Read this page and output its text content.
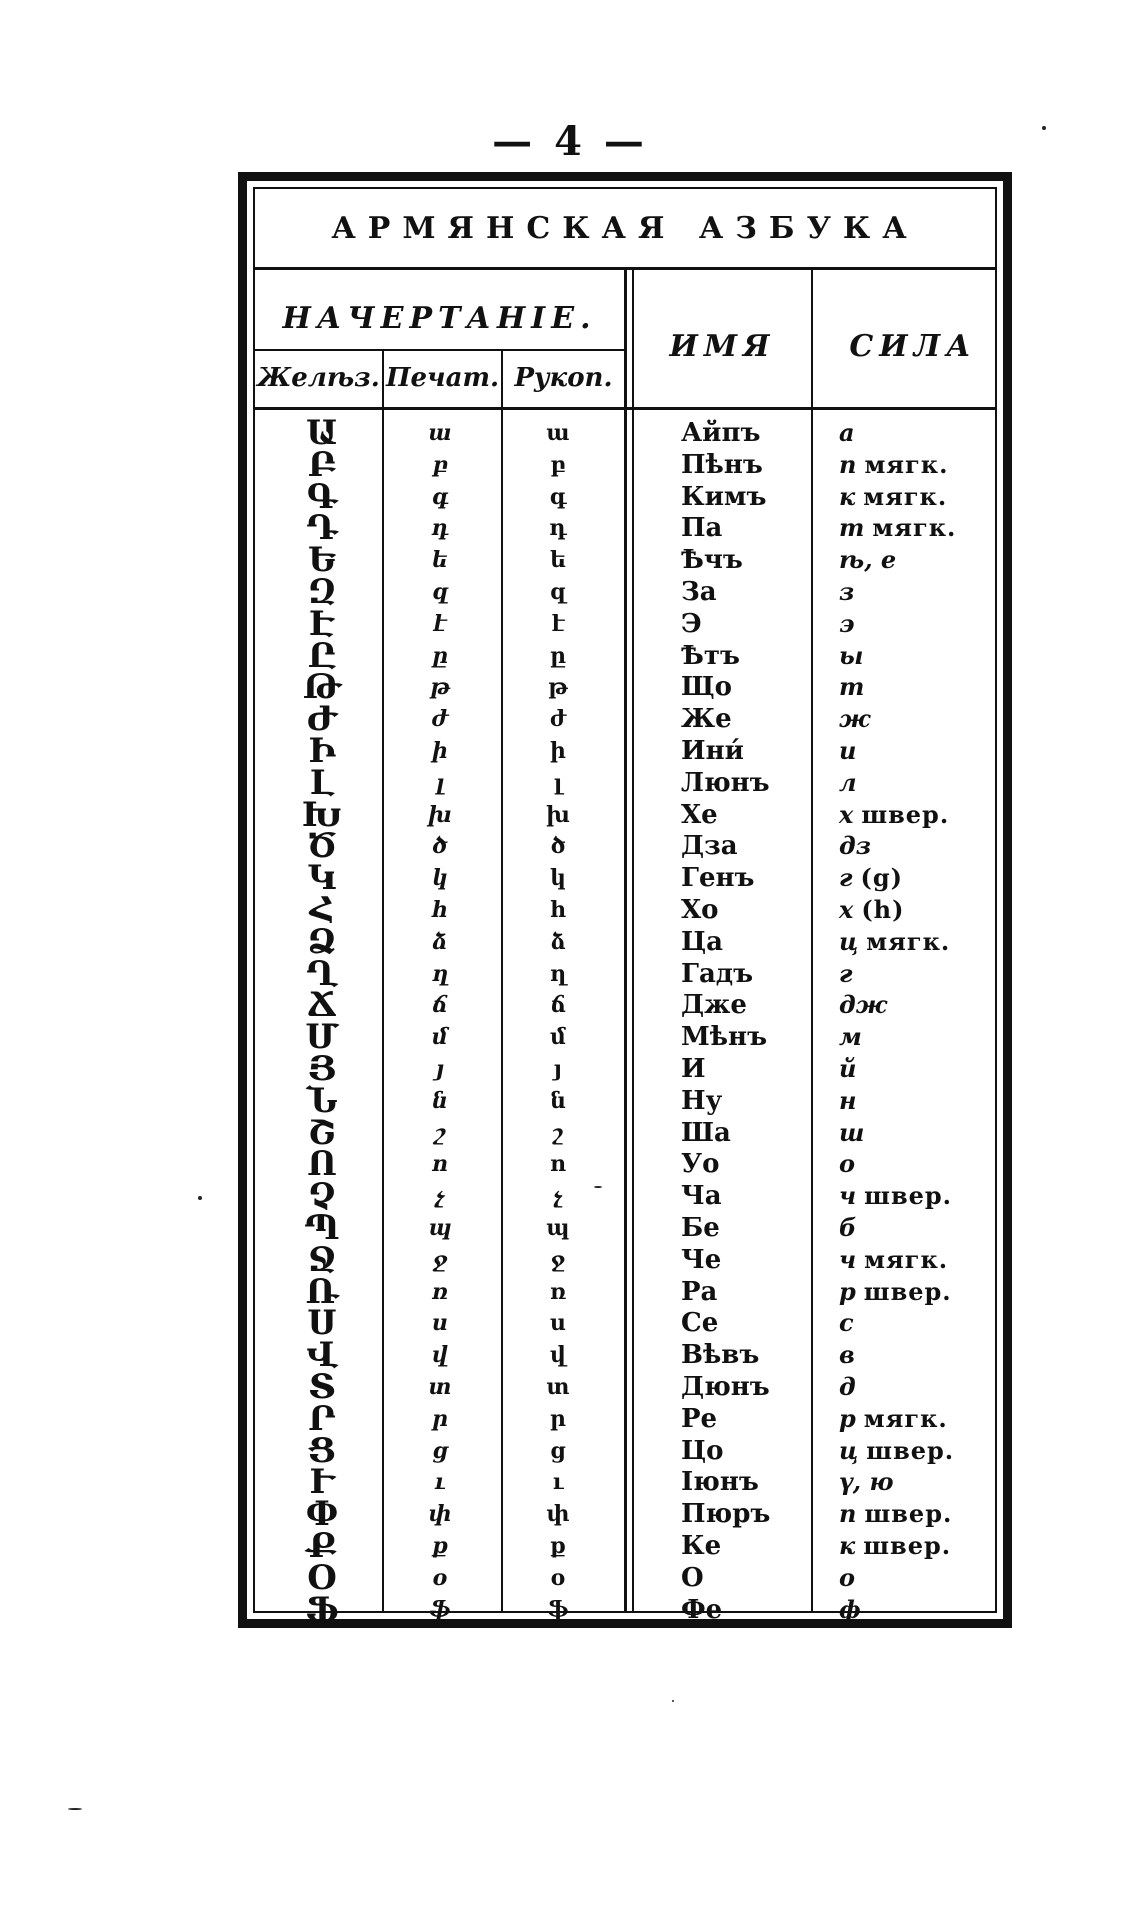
— 4 —
АРМЯНСКАЯ АЗБУКА
НАЧЕРТАНІЕ.
Желѣз. Печат. Рукоп.
ИМЯ	СИЛА
Ա	ա	ա	Айпъ	а
Բ	բ	բ	Пѣнъ	п мягк.
Գ	գ	գ	Кимъ	к мягк.
Դ	դ	դ	Па	т мягк.
Ե	ե	ե	Ѣчъ	ѣ, е
Զ	զ	զ	За	з
Է	է	է	Э	э
Ը	ը	ը	Ѣтъ	ы
Թ	թ	թ	Що	т
Ժ	ժ	ժ	Же	ж
Ի	ի	ի	Ини́	и
Լ	լ	լ	Люнъ	л
Խ	խ	խ	Хе	х швер.
Ծ	ծ	ծ	Дза	дз
Կ	կ	կ	Генъ	г (g)
Հ	հ	հ	Хо	х (h)
Ձ	ձ	ձ	Ца	ц мягк.
Ղ	ղ	ղ	Гадъ	г
Ճ	ճ	ճ	Дже	дж
Մ	մ	մ	Мѣнъ	м
Յ	յ	յ	И	й
Ն	ն	ն	Ну	н
Շ	շ	շ	Ша	ш
Ո	ո	ո	Уо	о
Չ	չ	չ	Ча	ч швер.
Պ	պ	պ	Бе	б
Ջ	ջ	ջ	Че	ч мягк.
Ռ	ռ	ռ	Ра	р швер.
Ս	ս	ս	Се	с
Վ	վ	վ	Вѣвъ	в
Տ	տ	տ	Дюнъ	д
Ր	ր	ր	Ре	р мягк.
Ց	ց	ց	Цо	ц швер.
Ւ	ւ	ւ	Іюнъ	ү, ю
Փ	փ	փ	Пюръ	п швер.
Ք	ք	ք	Ке	к швер.
Օ	օ	օ	О	о
Ֆ	ֆ	ֆ	Фе	ф
